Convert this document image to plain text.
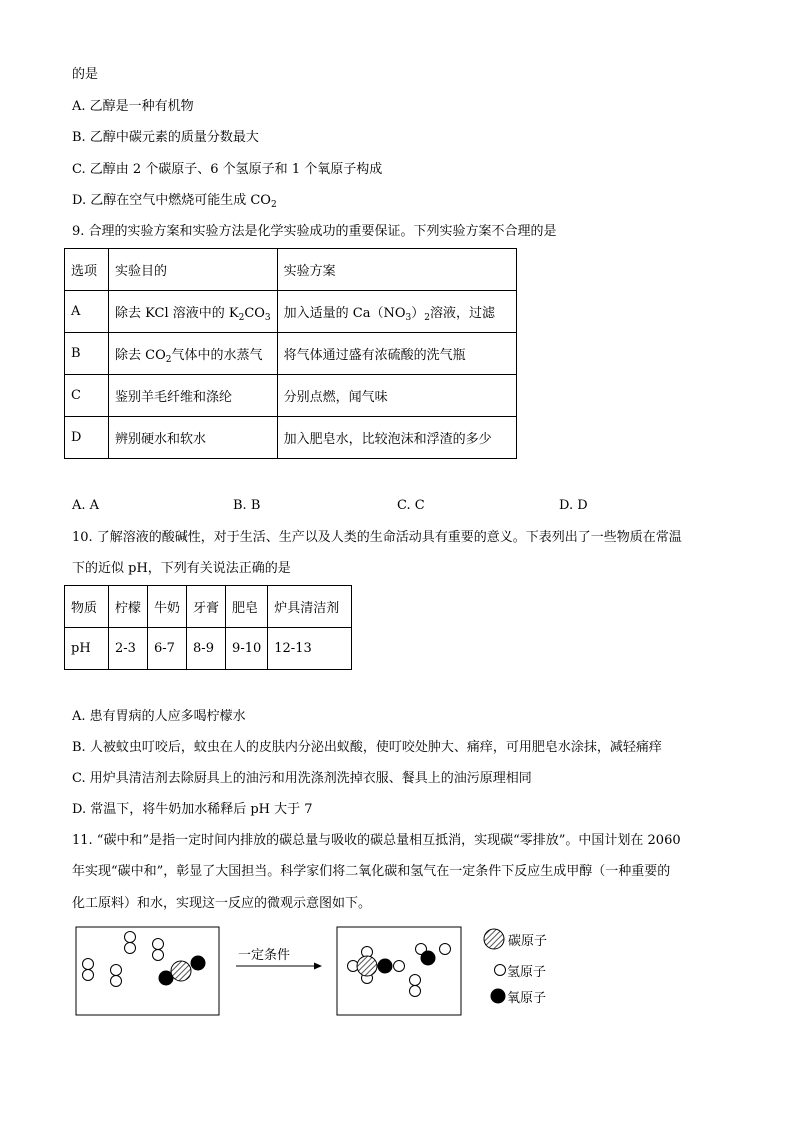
的是
A. 乙醇是一种有机物
B. 乙醇中碳元素的质量分数最大
C. 乙醇由 2 个碳原子、6 个氢原子和 1 个氧原子构成
D. 乙醇在空气中燃烧可能生成 $CO_2$
9. 合理的实验方案和实验方法是化学实验成功的重要保证。下列实验方案不合理的是
选项	实验目的	实验方案
A	除去 KCl 溶液中的 $K_2CO_3$	加入适量的 $Ca(NO_3)_2$溶液，过滤
B	除去 $CO_2$气体中的水蒸气	将气体通过盛有浓硫酸的洗气瓶
C	鉴别羊毛纤维和涤纶	分别点燃，闻气味
D	辨别硬水和软水	加入肥皂水，比较泡沫和浮渣的多少
A. A	B. B	C. C	D. D
10. 了解溶液的酸碱性，对于生活、生产以及人类的生命活动具有重要的意义。下表列出了一些物质在常温
下的近似 pH，下列有关说法正确的是
物质	柠檬	牛奶	牙膏	肥皂	炉具清洁剂
pH	2-3	6-7	8-9	9-10	12-13
A. 患有胃病的人应多喝柠檬水
B. 人被蚊虫叮咬后，蚊虫在人的皮肤内分泌出蚁酸，使叮咬处肿大、痛痒，可用肥皂水涂抹，减轻痛痒
C. 用炉具清洁剂去除厨具上的油污和用洗涤剂洗掉衣服、餐具上的油污原理相同
D. 常温下，将牛奶加水稀释后 pH 大于 7
11. “碳中和”是指一定时间内排放的碳总量与吸收的碳总量相互抵消，实现碳“零排放”。中国计划在 2060
年实现“碳中和”，彰显了大国担当。科学家们将二氧化碳和氢气在一定条件下反应生成甲醇（一种重要的
化工原料）和水，实现这一反应的微观示意图如下。
一定条件
碳原子
氢原子
氧原子
